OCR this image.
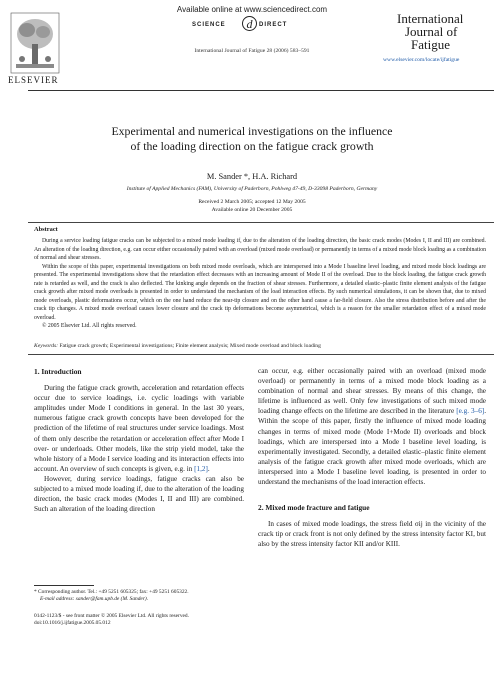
Available online at www.sciencedirect.com
SCIENCE	d	DIRECT
ELSEVIER
International Journal of Fatigue 28 (2006) 583–591
International
Journal of
Fatigue
www.elsevier.com/locate/ijfatigue
Experimental and numerical investigations on the influence
of the loading direction on the fatigue crack growth
M. Sander *, H.A. Richard
Institute of Applied Mechanics (FAM), University of Paderborn, Pohlweg 47-49, D-33098 Paderborn, Germany
Received 2 March 2005; accepted 12 May 2005
Available online 20 December 2005
Abstract

During a service loading fatigue cracks can be subjected to a mixed mode loading if, due to the alteration of the loading direction, the basic crack modes (Modes I, II and III) are combined. An alteration of the loading direction, e.g. can occur either occasionally paired with an overload (mixed mode overload) or permanently in terms of a mixed mode block loading as a combination of normal and shear stresses.

Within the scope of this paper, experimental investigations on both mixed mode overloads, which are interspersed into a Mode I baseline level loading, and mixed mode block loadings are presented. The experimental investigations show that the retardation effect decreases with an increasing amount of Mode II of the overload. Due to the block loading, the fatigue crack growth rate is retarded as well, and the crack is also deflected. The kinking angle depends on the fraction of shear stresses. Furthermore, a detailed elastic–plastic finite element analysis of the fatigue crack growth after mixed mode overloads is presented in order to understand the mechanism of the load interaction effects. By such numerical simulations, it can be shown that, due to mixed mode overloads, plastic deformations occur, which on the one hand reduce the near-tip closure and on the other hand cause a far-field closure. Also the stress distribution before and after the crack tip changes. A mixed mode overload causes lower closure and the crack tip deformations become asymmetrical, which is a reason for the smaller retardation effect of a mixed mode overload.

© 2005 Elsevier Ltd. All rights reserved.

Keywords: Fatigue crack growth; Experimental investigations; Finite element analysis; Mixed mode overload and block loading
1. Introduction

During the fatigue crack growth, acceleration and retardation effects occur due to service loadings, i.e. cyclic loadings with variable amplitudes under Mode I conditions in general. In the last 30 years, numerous fatigue crack growth concepts have been developed for the prediction of the lifetime of real structures under service loadings. Most of them only describe the retardation or acceleration effect after Mode I over- or underloads. Other models, like the strip yield model, take the whole history of a Mode I service loading and its interaction effects into account. An overview of such concepts is given, e.g. in [1,2].

However, during service loadings, fatigue cracks can also be subjected to a mixed mode loading if, due to the alteration of the loading direction, the basic crack modes (Modes I, II and III) are combined. Such an alteration of the loading direction

can occur, e.g. either occasionally paired with an overload (mixed mode overload) or permanently in terms of a mixed mode block loading as a combination of normal and shear stresses. By means of this change, the lifetime is influenced as well. Only few investigations of such mixed mode loading change effects on the lifetime are described in the literature [e.g. 3–6]. Within the scope of this paper, firstly the influence of mixed mode loading changes in terms of mixed mode (Mode I+Mode II) overloads and block loadings, which are interspersed into a Mode I baseline level loading, is experimentally investigated. Secondly, a detailed elastic–plastic finite element analysis of the fatigue crack growth after mixed mode overloads, which are interspersed into a Mode I baseline level loading, is presented in order to understand the mechanisms of the load interaction effects.

2. Mixed mode fracture and fatigue

In cases of mixed mode loadings, the stress field σij in the vicinity of the crack tip or crack front is not only defined by the stress intensity factor KI, but also by the stress intensity factor KII and/or KIII.

* Corresponding author. Tel.: +49 5251 605325; fax: +49 5251 605322.
E-mail address: sander@fam.upb.de (M. Sander).
0142-1123/$ - see front matter © 2005 Elsevier Ltd. All rights reserved.
doi:10.1016/j.ijfatigue.2005.05.012
